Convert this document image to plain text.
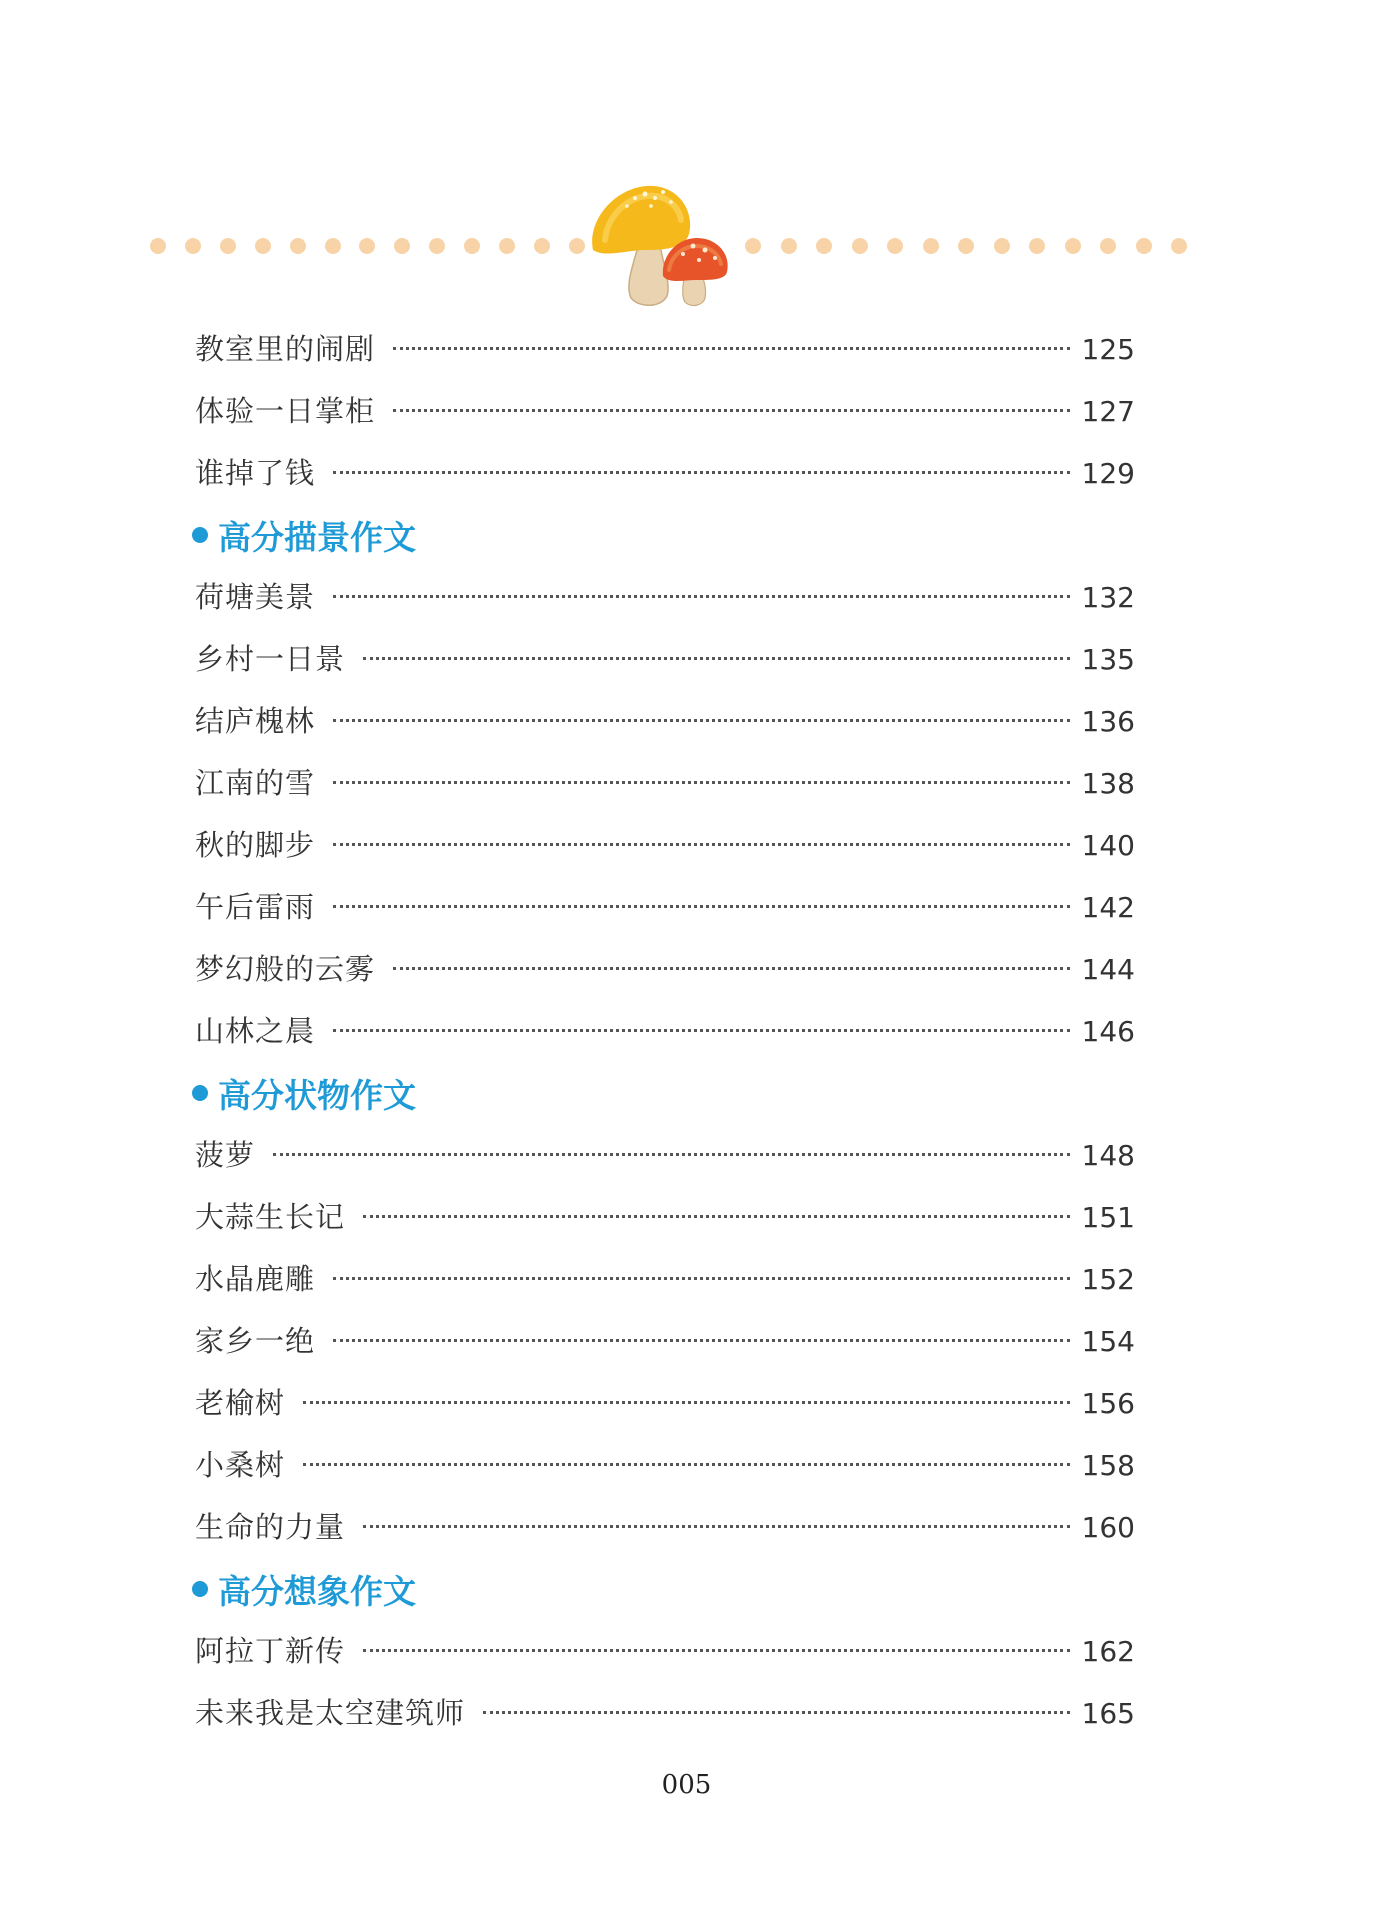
教室里的闹剧	125
体验一日掌柜	127
谁掉了钱	129
高分描景作文
荷塘美景	132
乡村一日景	135
结庐槐林	136
江南的雪	138
秋的脚步	140
午后雷雨	142
梦幻般的云雾	144
山林之晨	146
高分状物作文
菠萝	148
大蒜生长记	151
水晶鹿雕	152
家乡一绝	154
老榆树	156
小桑树	158
生命的力量	160
高分想象作文
阿拉丁新传	162
未来我是太空建筑师	165
005
